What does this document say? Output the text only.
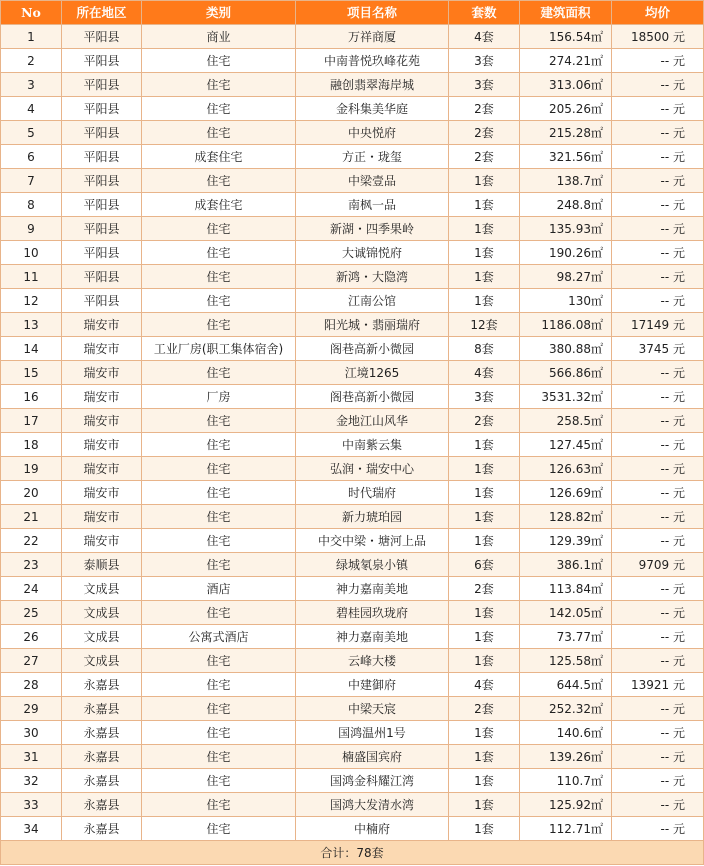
No	所在地区	类别	项目名称	套数	建筑面积	均价
1	平阳县	商业	万祥商厦	4套	156.54㎡	18500 元
2	平阳县	住宅	中南普悦玖峰花苑	3套	274.21㎡	-- 元
3	平阳县	住宅	融创翡翠海岸城	3套	313.06㎡	-- 元
4	平阳县	住宅	金科集美华庭	2套	205.26㎡	-- 元
5	平阳县	住宅	中央悦府	2套	215.28㎡	-- 元
6	平阳县	成套住宅	方正・珑玺	2套	321.56㎡	-- 元
7	平阳县	住宅	中梁壹品	1套	138.7㎡	-- 元
8	平阳县	成套住宅	南枫一品	1套	248.8㎡	-- 元
9	平阳县	住宅	新湖・四季果岭	1套	135.93㎡	-- 元
10	平阳县	住宅	大诚锦悦府	1套	190.26㎡	-- 元
11	平阳县	住宅	新鸿・大隐湾	1套	98.27㎡	-- 元
12	平阳县	住宅	江南公馆	1套	130㎡	-- 元
13	瑞安市	住宅	阳光城・翡丽瑞府	12套	1186.08㎡	17149 元
14	瑞安市	工业厂房(职工集体宿舍)	阁巷高新小微园	8套	380.88㎡	3745 元
15	瑞安市	住宅	江境1265	4套	566.86㎡	-- 元
16	瑞安市	厂房	阁巷高新小微园	3套	3531.32㎡	-- 元
17	瑞安市	住宅	金地江山风华	2套	258.5㎡	-- 元
18	瑞安市	住宅	中南紫云集	1套	127.45㎡	-- 元
19	瑞安市	住宅	弘润・瑞安中心	1套	126.63㎡	-- 元
20	瑞安市	住宅	时代瑞府	1套	126.69㎡	-- 元
21	瑞安市	住宅	新力琥珀园	1套	128.82㎡	-- 元
22	瑞安市	住宅	中交中梁・塘河上品	1套	129.39㎡	-- 元
23	泰顺县	住宅	绿城氡泉小镇	6套	386.1㎡	9709 元
24	文成县	酒店	神力嘉南美地	2套	113.84㎡	-- 元
25	文成县	住宅	碧桂园玖珑府	1套	142.05㎡	-- 元
26	文成县	公寓式酒店	神力嘉南美地	1套	73.77㎡	-- 元
27	文成县	住宅	云峰大楼	1套	125.58㎡	-- 元
28	永嘉县	住宅	中建御府	4套	644.5㎡	13921 元
29	永嘉县	住宅	中梁天宸	2套	252.32㎡	-- 元
30	永嘉县	住宅	国鸿温州1号	1套	140.6㎡	-- 元
31	永嘉县	住宅	楠盛国宾府	1套	139.26㎡	-- 元
32	永嘉县	住宅	国鸿金科耀江湾	1套	110.7㎡	-- 元
33	永嘉县	住宅	国鸿大发清水湾	1套	125.92㎡	-- 元
34	永嘉县	住宅	中楠府	1套	112.71㎡	-- 元
合计：78套						
